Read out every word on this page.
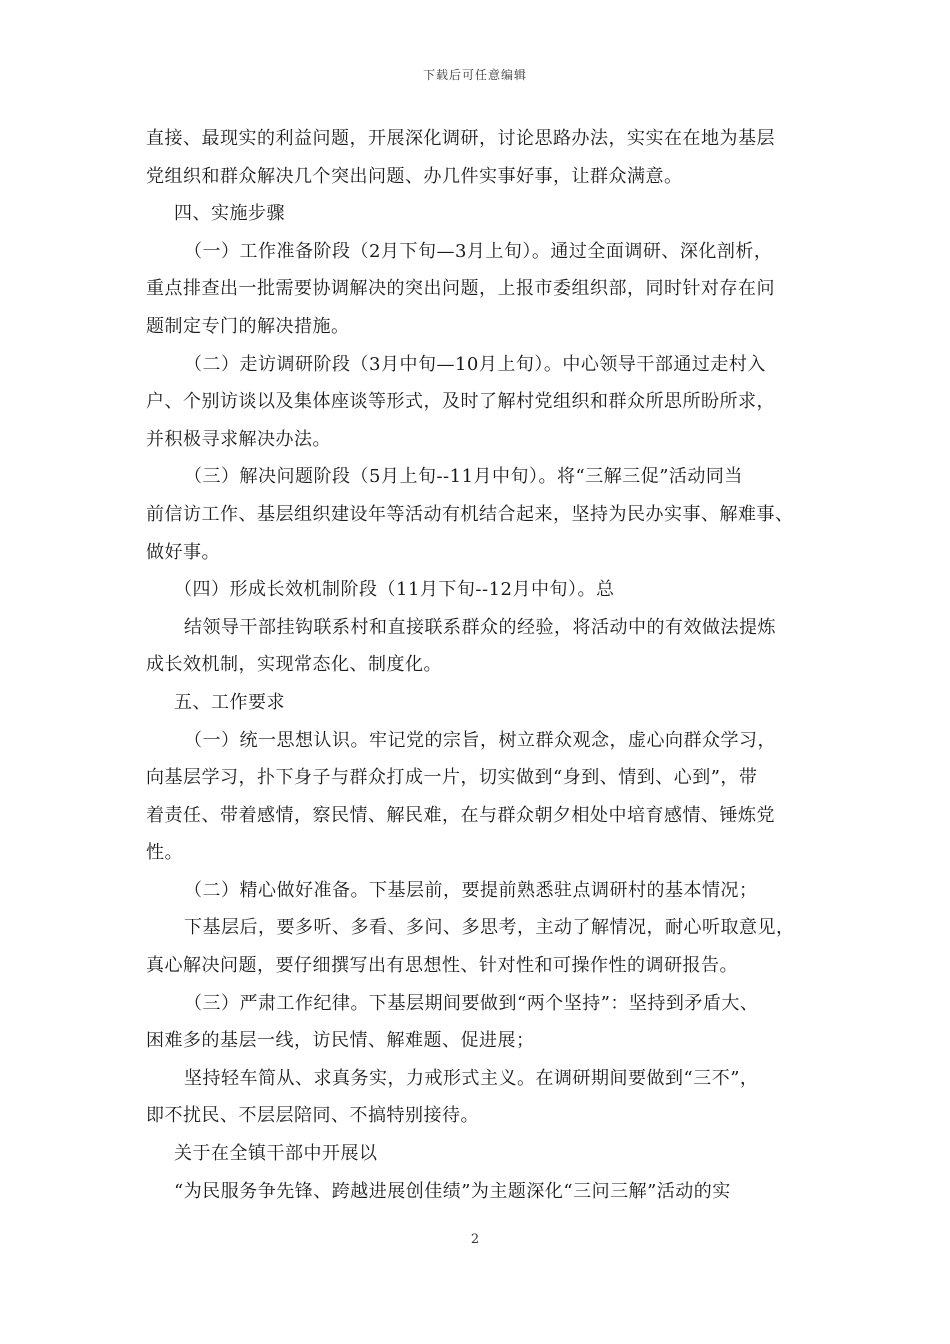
下载后可任意编辑
直接、最现实的利益问题，开展深化调研，讨论思路办法，实实在在地为基层
党组织和群众解决几个突出问题、办几件实事好事，让群众满意。
四、实施步骤
（一）工作准备阶段（2月下旬—3月上旬）。通过全面调研、深化剖析，
重点排查出一批需要协调解决的突出问题，上报市委组织部，同时针对存在问
题制定专门的解决措施。
（二）走访调研阶段（3月中旬—10月上旬）。中心领导干部通过走村入
户、个别访谈以及集体座谈等形式，及时了解村党组织和群众所思所盼所求，
并积极寻求解决办法。
（三）解决问题阶段（5月上旬--11月中旬）。将“三解三促”活动同当
前信访工作、基层组织建设年等活动有机结合起来，坚持为民办实事、解难事、
做好事。
（四）形成长效机制阶段（11月下旬--12月中旬）。总
结领导干部挂钩联系村和直接联系群众的经验，将活动中的有效做法提炼
成长效机制，实现常态化、制度化。
五、工作要求
（一）统一思想认识。牢记党的宗旨，树立群众观念，虚心向群众学习，
向基层学习，扑下身子与群众打成一片，切实做到“身到、情到、心到”，带
着责任、带着感情，察民情、解民难，在与群众朝夕相处中培育感情、锤炼党
性。
（二）精心做好准备。下基层前，要提前熟悉驻点调研村的基本情况；
下基层后，要多听、多看、多问、多思考，主动了解情况，耐心听取意见，
真心解决问题，要仔细撰写出有思想性、针对性和可操作性的调研报告。
（三）严肃工作纪律。下基层期间要做到“两个坚持”：坚持到矛盾大、
困难多的基层一线，访民情、解难题、促进展；
坚持轻车简从、求真务实，力戒形式主义。在调研期间要做到“三不”，
即不扰民、不层层陪同、不搞特别接待。
关于在全镇干部中开展以
“为民服务争先锋、跨越进展创佳绩”为主题深化“三问三解”活动的实
2
